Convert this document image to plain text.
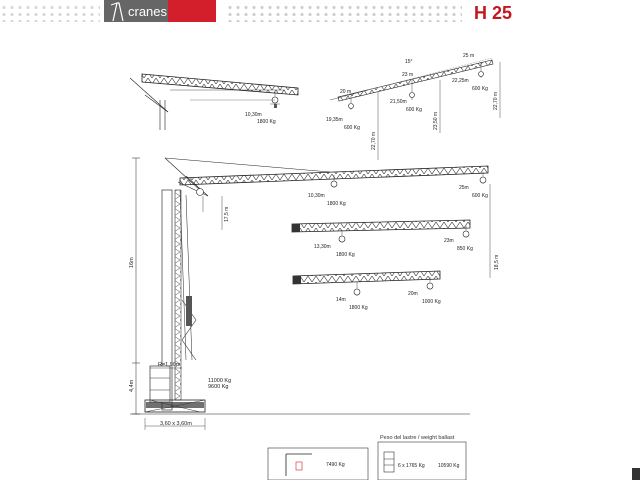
cranes	H 25
10,30m
1800 Kg
15°
20 m
19,35m
600 Kg
22,70 m
23 m
21,50m
600 Kg
23,50 m
25 m
22,25m
600 Kg
22,70 m
16m
4,4m
R=1,90m
11000 Kg
9600 Kg
3,60 x 3,60m
17,5 m
10,30m
1800 Kg
25m
600 Kg
13,30m
1800 Kg
23m
850 Kg
18,5 m
14m
1800 Kg
20m
1000 Kg
7490 Kg	6 x 1765 Kg	10590 Kg
Peso del lastre / weight ballast
